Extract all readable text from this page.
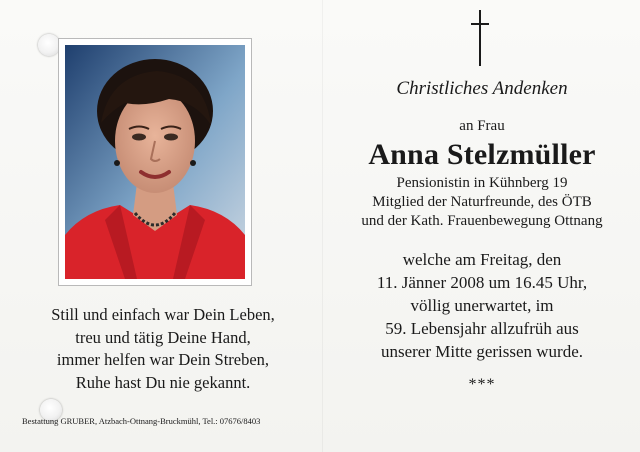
Still und einfach war Dein Leben,
treu und tätig Deine Hand,
immer helfen war Dein Streben,
Ruhe hast Du nie gekannt.
Bestattung GRUBER, Atzbach-Ottnang-Bruckmühl, Tel.: 07676/8403
Christliches Andenken
an Frau
Anna Stelzmüller
Pensionistin in Kühnberg 19
Mitglied der Naturfreunde, des ÖTB
und der Kath. Frauenbewegung Ottnang
welche am Freitag, den
11. Jänner 2008 um 16.45 Uhr,
völlig unerwartet, im
59. Lebensjahr allzufrüh aus
unserer Mitte gerissen wurde.
***
